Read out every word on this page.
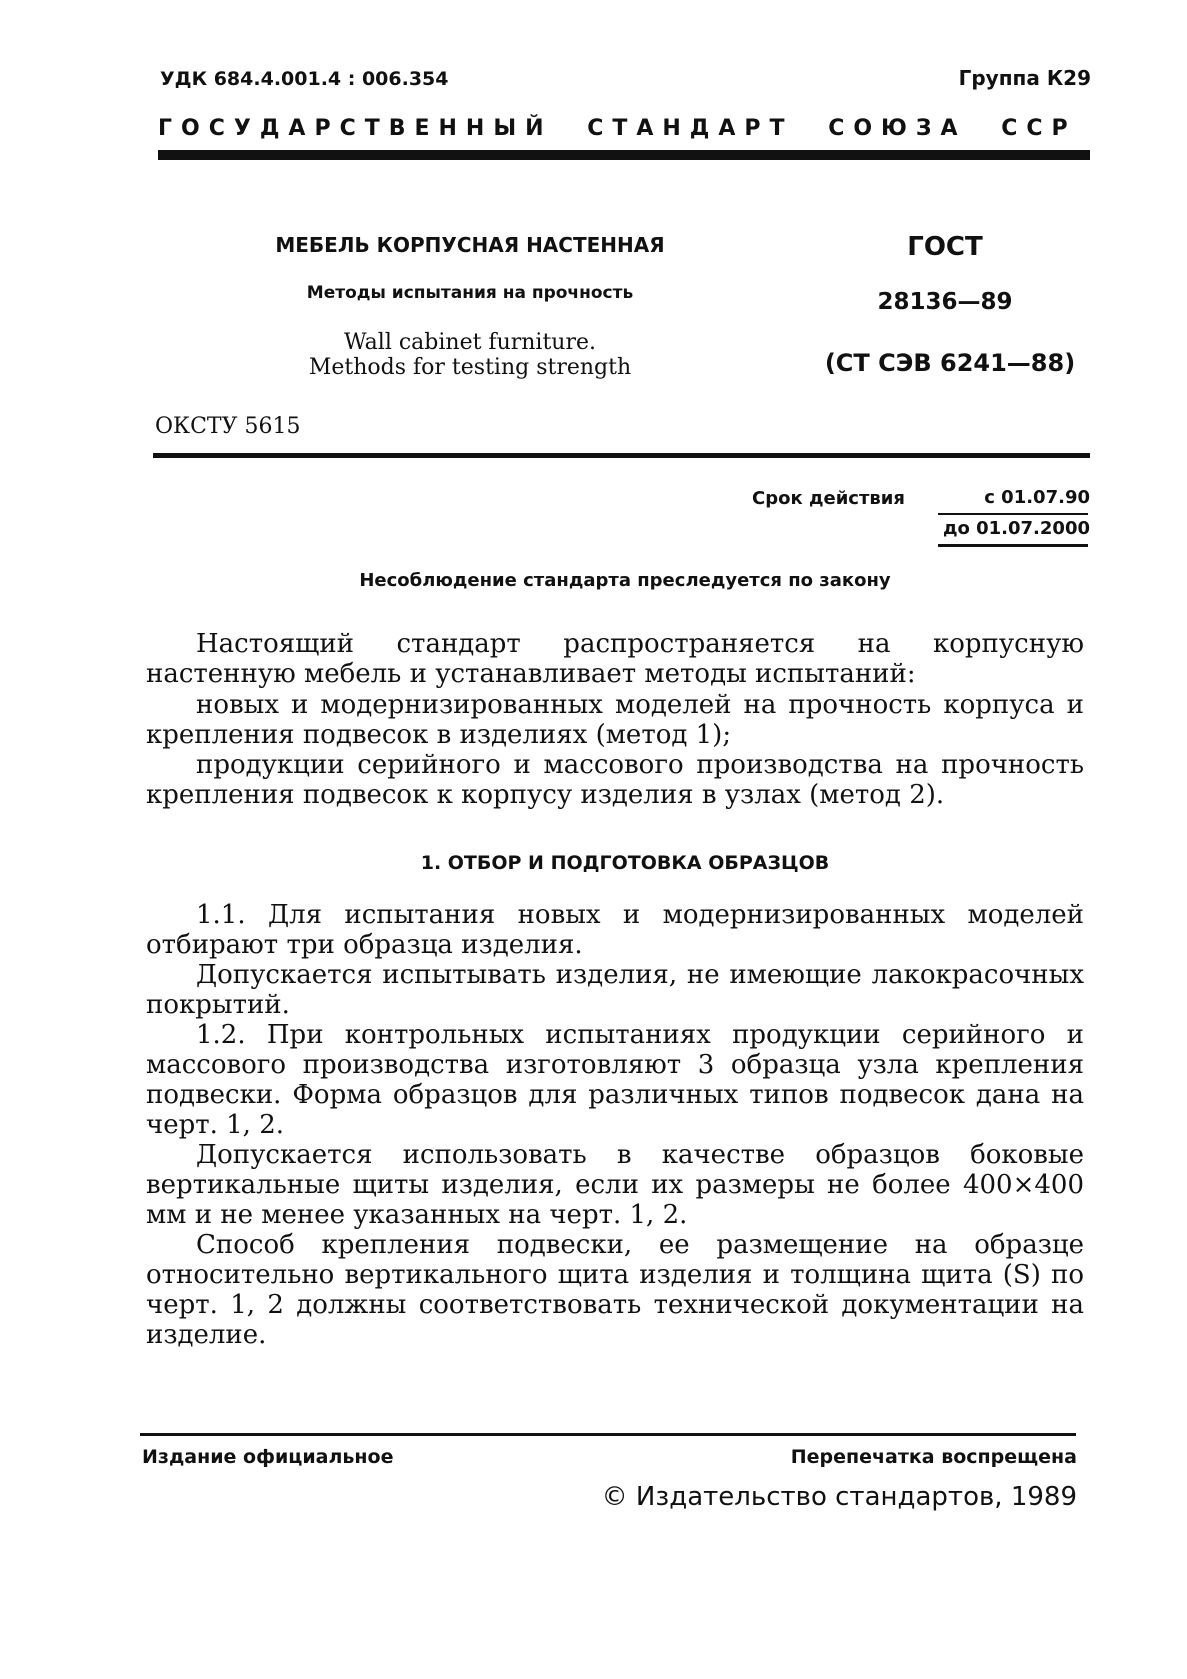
УДК 684.4.001.4 : 006.354	Группа К29
ГОСУДАРСТВЕННЫЙ СТАНДАРТ СОЮЗА ССР
МЕБЕЛЬ КОРПУСНАЯ НАСТЕННАЯ
Методы испытания на прочность
Wall cabinet furniture.
Methods for testing strength
ГОСТ
28136—89
(СТ СЭВ 6241—88)
ОКСТУ 5615
Срок действия	с 01.07.90
до 01.07.2000
Несоблюдение стандарта преследуется по закону
Настоящий стандарт распространяется на корпусную настенную мебель и устанавливает методы испытаний:
новых и модернизированных моделей на прочность корпуса и крепления подвесок в изделиях (метод 1);
продукции серийного и массового производства на прочность крепления подвесок к корпусу изделия в узлах (метод 2).
1. ОТБОР И ПОДГОТОВКА ОБРАЗЦОВ
1.1. Для испытания новых и модернизированных моделей отбирают три образца изделия.
Допускается испытывать изделия, не имеющие лакокрасочных покрытий.
1.2. При контрольных испытаниях продукции серийного и массового производства изготовляют 3 образца узла крепления подвески. Форма образцов для различных типов подвесок дана на черт. 1, 2.
Допускается использовать в качестве образцов боковые вертикальные щиты изделия, если их размеры не более 400×400 мм и не менее указанных на черт. 1, 2.
Способ крепления подвески, ее размещение на образце относительно вертикального щита изделия и толщина щита (S) по черт. 1, 2 должны соответствовать технической документации на изделие.
Издание официальное	Перепечатка воспрещена
© Издательство стандартов, 1989
